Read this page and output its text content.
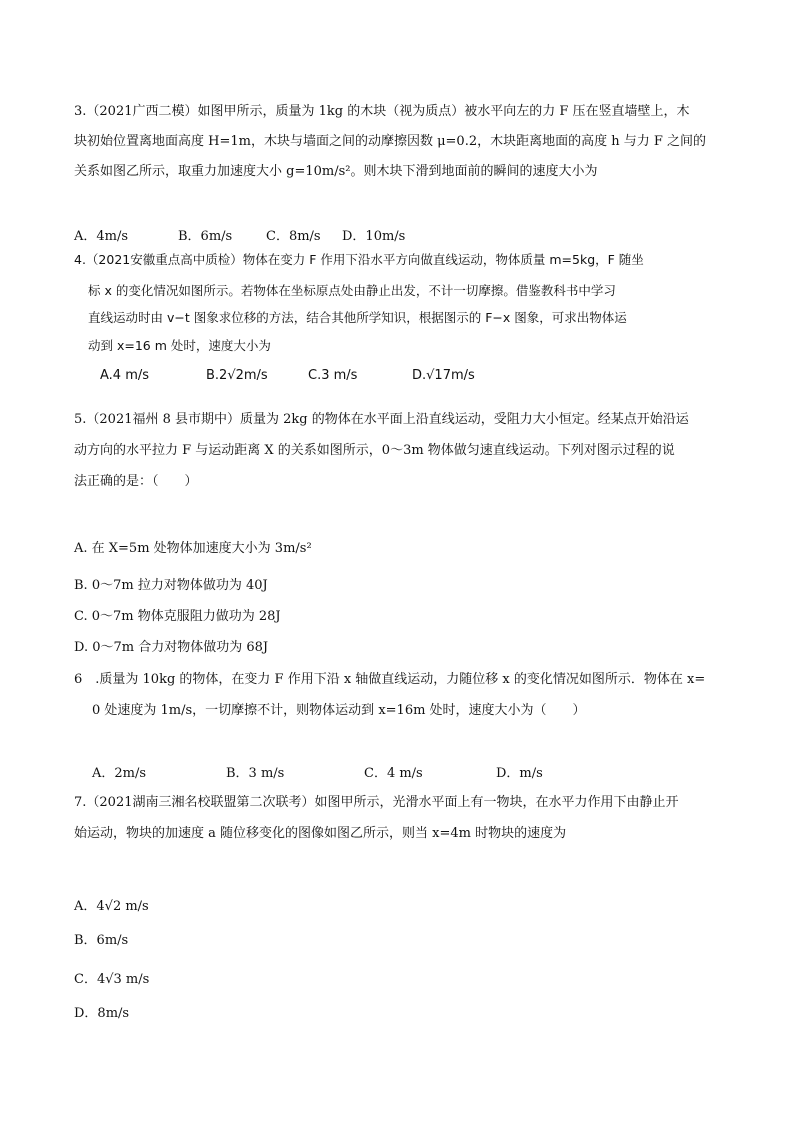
3.（2021广西二模）如图甲所示，质量为 1kg 的木块（视为质点）被水平向左的力 F 压在竖直墙壁上，木
块初始位置离地面高度 H=1m，木块与墙面之间的动摩擦因数 μ=0.2，木块距离地面的高度 h 与力 F 之间的
关系如图乙所示，取重力加速度大小 g=10m/s²。则木块下滑到地面前的瞬间的速度大小为
A．4m/s	B．6m/s	C．8m/s D．10m/s
4.（2021安徽重点高中质检）物体在变力 F 作用下沿水平方向做直线运动，物体质量 m=5kg，F 随坐
标 x 的变化情况如图所示。若物体在坐标原点处由静止出发，不计一切摩擦。借鉴教科书中学习
直线运动时由 v−t 图象求位移的方法，结合其他所学知识，根据图示的 F−x 图象，可求出物体运
动到 x=16 m 处时，速度大小为
A.4 m/s	B.2√2m/s	C.3 m/s	D.√17m/s
5.（2021福州 8 县市期中）质量为 2kg 的物体在水平面上沿直线运动，受阻力大小恒定。经某点开始沿运
动方向的水平拉力 F 与运动距离 X 的关系如图所示，0～3m 物体做匀速直线运动。下列对图示过程的说
法正确的是：（　　）
A. 在 X=5m 处物体加速度大小为 3m/s²
B. 0～7m 拉力对物体做功为 40J
C. 0～7m 物体克服阻力做功为 28J
D. 0～7m 合力对物体做功为 68J
6　.质量为 10kg 的物体，在变力 F 作用下沿 x 轴做直线运动，力随位移 x 的变化情况如图所示．物体在 x=
0 处速度为 1m/s，一切摩擦不计，则物体运动到 x=16m 处时，速度大小为（　　）
A．2m/s	B．3 m/s	C．4 m/s	D．m/s
7.（2021湖南三湘名校联盟第二次联考）如图甲所示，光滑水平面上有一物块，在水平力作用下由静止开
始运动，物块的加速度 a 随位移变化的图像如图乙所示，则当 x=4m 时物块的速度为
A．4√2 m/s
B．6m/s
C．4√3 m/s
D．8m/s
